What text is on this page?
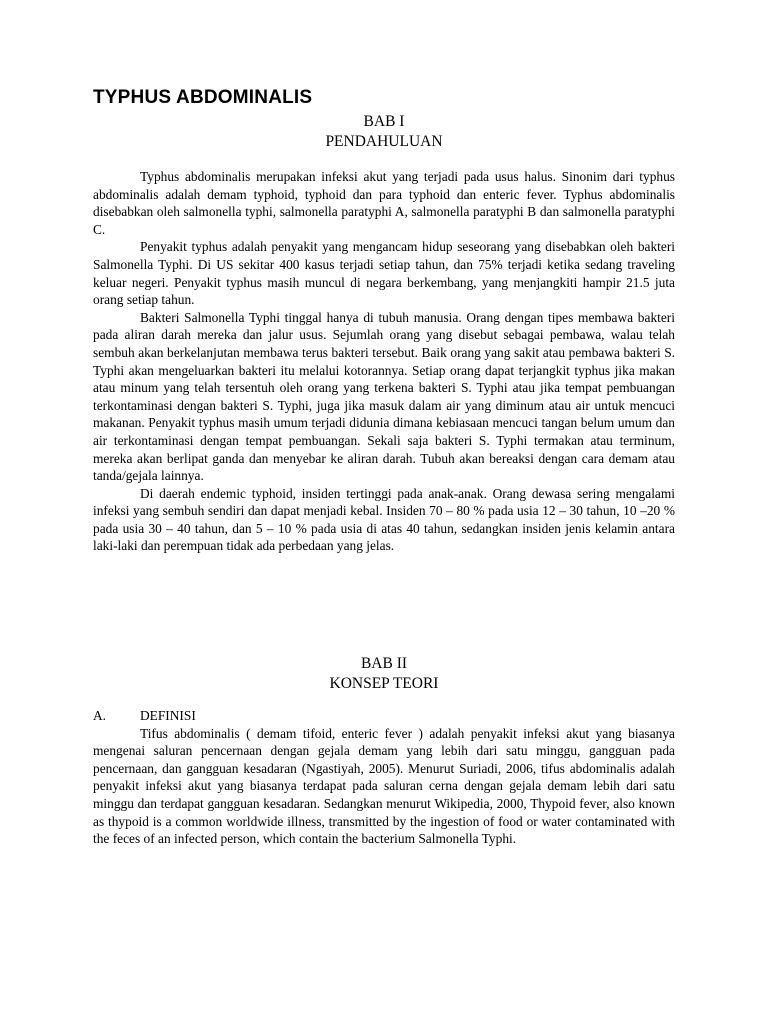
TYPHUS ABDOMINALIS

BAB I

PENDAHULUAN

Typhus abdominalis merupakan infeksi akut yang terjadi pada usus halus. Sinonim dari typhus abdominalis adalah demam typhoid, typhoid dan para typhoid dan enteric fever. Typhus abdominalis disebabkan oleh salmonella typhi, salmonella paratyphi A, salmonella paratyphi B dan salmonella paratyphi C.

Penyakit typhus adalah penyakit yang mengancam hidup seseorang yang disebabkan oleh bakteri Salmonella Typhi. Di US sekitar 400 kasus terjadi setiap tahun, dan 75% terjadi ketika sedang traveling keluar negeri. Penyakit typhus masih muncul di negara berkembang, yang menjangkiti hampir 21.5 juta orang setiap tahun.

Bakteri Salmonella Typhi tinggal hanya di tubuh manusia. Orang dengan tipes membawa bakteri pada aliran darah mereka dan jalur usus. Sejumlah orang yang disebut sebagai pembawa, walau telah sembuh akan berkelanjutan membawa terus bakteri tersebut. Baik orang yang sakit atau pembawa bakteri S. Typhi akan mengeluarkan bakteri itu melalui kotorannya. Setiap orang dapat terjangkit typhus jika makan atau minum yang telah tersentuh oleh orang yang terkena bakteri S. Typhi atau jika tempat pembuangan terkontaminasi dengan bakteri S. Typhi, juga jika masuk dalam air yang diminum atau air untuk mencuci makanan. Penyakit typhus masih umum terjadi didunia dimana kebiasaan mencuci tangan belum umum dan air terkontaminasi dengan tempat pembuangan. Sekali saja bakteri S. Typhi termakan atau terminum, mereka akan berlipat ganda dan menyebar ke aliran darah. Tubuh akan bereaksi dengan cara demam atau tanda/gejala lainnya.

Di daerah endemic typhoid, insiden tertinggi pada anak-anak. Orang dewasa sering mengalami infeksi yang sembuh sendiri dan dapat menjadi kebal. Insiden 70 – 80 % pada usia 12 – 30 tahun, 10 –20 % pada usia 30 – 40 tahun, dan 5 – 10 % pada usia di atas 40 tahun, sedangkan insiden jenis kelamin antara laki-laki dan perempuan tidak ada perbedaan yang jelas.

BAB II

KONSEP TEORI

A.	DEFINISI

Tifus abdominalis ( demam tifoid, enteric fever ) adalah penyakit infeksi akut yang biasanya mengenai saluran pencernaan dengan gejala demam yang lebih dari satu minggu, gangguan pada pencernaan, dan gangguan kesadaran (Ngastiyah, 2005). Menurut Suriadi, 2006, tifus abdominalis adalah penyakit infeksi akut yang biasanya terdapat pada saluran cerna dengan gejala demam lebih dari satu minggu dan terdapat gangguan kesadaran. Sedangkan menurut Wikipedia, 2000, Thypoid fever, also known as thypoid is a common worldwide illness, transmitted by the ingestion of food or water contaminated with the feces of an infected person, which contain the bacterium Salmonella Typhi.
